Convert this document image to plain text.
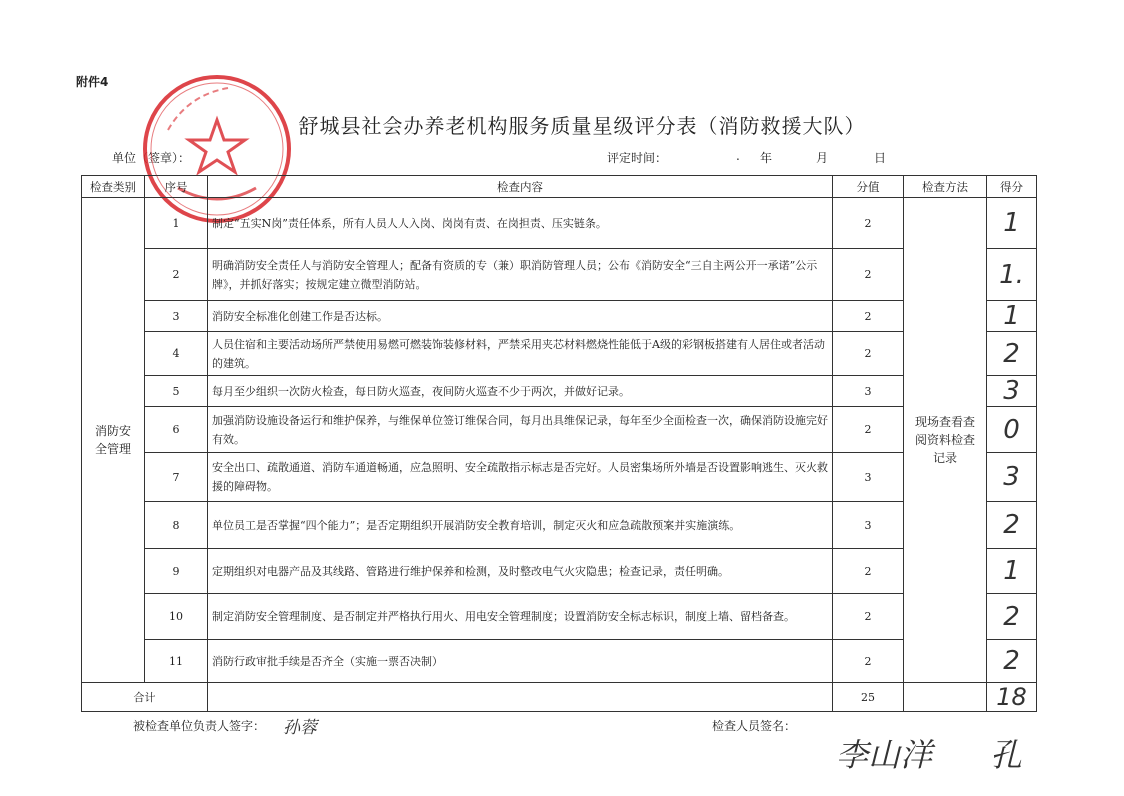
附件4
舒城县社会办养老机构服务质量星级评分表（消防救援大队）
单位（签章）：	评定时间：	. 年	月	日
检查类别	序号	检查内容	分值	检查方法	得分

消防安全管理	1	制定“五实N岗”责任体系，所有人员人人入岗、岗岗有责、在岗担责、压实链条。	2	现场查看查阅资料检查记录	1
	2	明确消防安全责任人与消防安全管理人；配备有资质的专（兼）职消防管理人员；公布《消防安全“三自主两公开一承诺”公示牌》，并抓好落实；按规定建立微型消防站。	2		1.
	3	消防安全标准化创建工作是否达标。	2		1
	4	人员住宿和主要活动场所严禁使用易燃可燃装饰装修材料，严禁采用夹芯材料燃烧性能低于A级的彩钢板搭建有人居住或者活动的建筑。	2		2
	5	每月至少组织一次防火检查，每日防火巡查，夜间防火巡查不少于两次，并做好记录。	3		3
	6	加强消防设施设备运行和维护保养，与维保单位签订维保合同，每月出具维保记录，每年至少全面检查一次，确保消防设施完好有效。	2		0
	7	安全出口、疏散通道、消防车通道畅通，应急照明、安全疏散指示标志是否完好。人员密集场所外墙是否设置影响逃生、灭火救援的障碍物。	3		3
	8	单位员工是否掌握“四个能力”；是否定期组织开展消防安全教育培训，制定灭火和应急疏散预案并实施演练。	3		2
	9	定期组织对电器产品及其线路、管路进行维护保养和检测，及时整改电气火灾隐患；检查记录，责任明确。	2		1
	10	制定消防安全管理制度、是否制定并严格执行用火、用电安全管理制度；设置消防安全标志标识，制度上墙、留档备查。	2		2
	11	消防行政审批手续是否齐全（实施一票否决制）	2		2
合计			25		18
被检查单位负责人签字： 孙蓉	检查人员签名：
李山洋 孔
